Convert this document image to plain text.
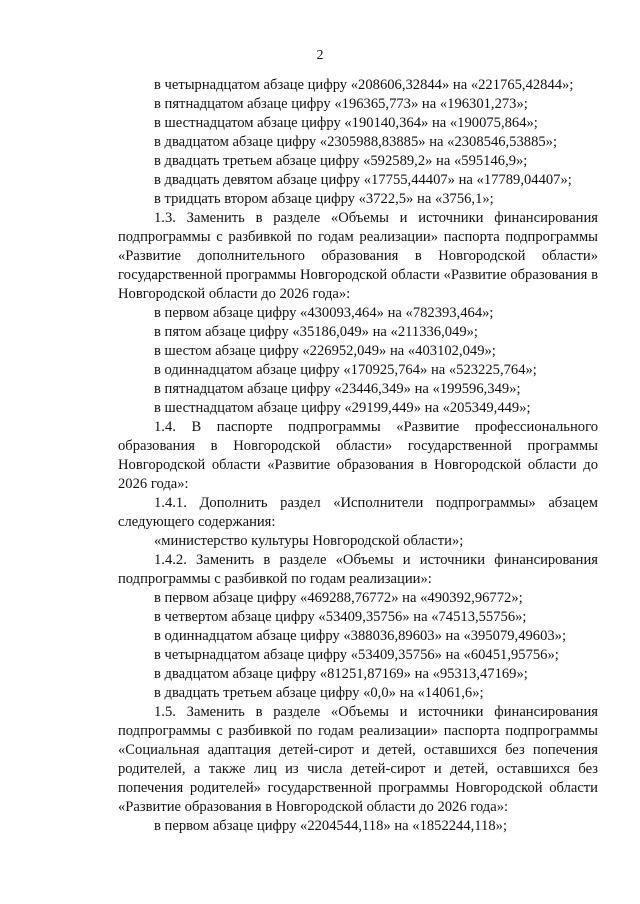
2
в четырнадцатом абзаце цифру «208606,32844» на «221765,42844»;
в пятнадцатом абзаце цифру «196365,773» на «196301,273»;
в шестнадцатом абзаце цифру «190140,364» на «190075,864»;
в двадцатом абзаце цифру «2305988,83885» на «2308546,53885»;
в двадцать третьем абзаце цифру «592589,2» на «595146,9»;
в двадцать девятом абзаце цифру «17755,44407» на «17789,04407»;
в тридцать втором абзаце цифру «3722,5» на «3756,1»;
1.3. Заменить в разделе «Объемы и источники финансирования подпрограммы с разбивкой по годам реализации» паспорта подпрограммы «Развитие дополнительного образования в Новгородской области» государственной программы Новгородской области «Развитие образования в Новгородской области до 2026 года»:
в первом абзаце цифру «430093,464» на «782393,464»;
в пятом абзаце цифру «35186,049» на «211336,049»;
в шестом абзаце цифру «226952,049» на «403102,049»;
в одиннадцатом абзаце цифру «170925,764» на «523225,764»;
в пятнадцатом абзаце цифру «23446,349» на «199596,349»;
в шестнадцатом абзаце цифру «29199,449» на «205349,449»;
1.4. В паспорте подпрограммы «Развитие профессионального образования в Новгородской области» государственной программы Новгородской области «Развитие образования в Новгородской области до 2026 года»:
1.4.1. Дополнить раздел «Исполнители подпрограммы» абзацем следующего содержания:
«министерство культуры Новгородской области»;
1.4.2. Заменить в разделе «Объемы и источники финансирования подпрограммы с разбивкой по годам реализации»:
в первом абзаце цифру «469288,76772» на «490392,96772»;
в четвертом абзаце цифру «53409,35756» на «74513,55756»;
в одиннадцатом абзаце цифру «388036,89603» на «395079,49603»;
в четырнадцатом абзаце цифру «53409,35756» на «60451,95756»;
в двадцатом абзаце цифру «81251,87169» на «95313,47169»;
в двадцать третьем абзаце цифру «0,0» на «14061,6»;
1.5. Заменить в разделе «Объемы и источники финансирования подпрограммы с разбивкой по годам реализации» паспорта подпрограммы «Социальная адаптация детей-сирот и детей, оставшихся без попечения родителей, а также лиц из числа детей-сирот и детей, оставшихся без попечения родителей» государственной программы Новгородской области «Развитие образования в Новгородской области до 2026 года»:
в первом абзаце цифру «2204544,118» на «1852244,118»;
